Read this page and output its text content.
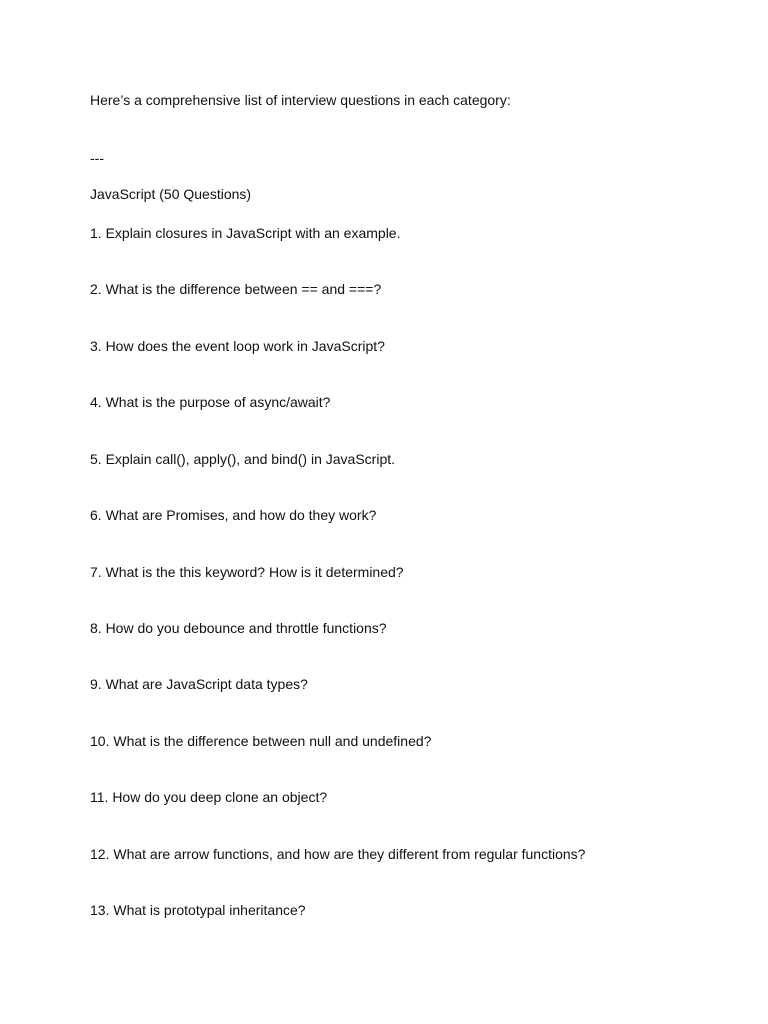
Here’s a comprehensive list of interview questions in each category:

---

JavaScript (50 Questions)
1. Explain closures in JavaScript with an example.
2. What is the difference between == and ===?
3. How does the event loop work in JavaScript?
4. What is the purpose of async/await?
5. Explain call(), apply(), and bind() in JavaScript.
6. What are Promises, and how do they work?
7. What is the this keyword? How is it determined?
8. How do you debounce and throttle functions?
9. What are JavaScript data types?
10. What is the difference between null and undefined?
11. How do you deep clone an object?
12. What are arrow functions, and how are they different from regular functions?
13. What is prototypal inheritance?
